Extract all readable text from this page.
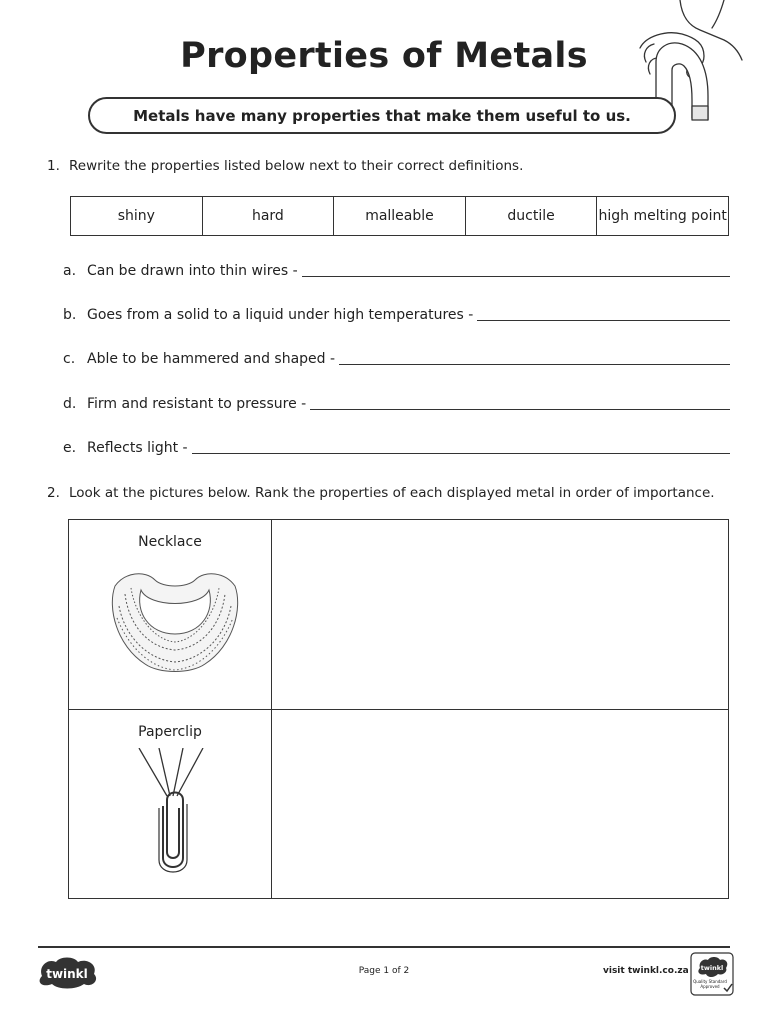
Properties of Metals
Metals have many properties that make them useful to us.
1. Rewrite the properties listed below next to their correct definitions.
shiny	hard	malleable	ductile	high melting point
a. Can be drawn into thin wires -
b. Goes from a solid to a liquid under high temperatures -
c. Able to be hammered and shaped -
d. Firm and resistant to pressure -
e. Reflects light -
2. Look at the pictures below. Rank the properties of each displayed metal in order of importance.
Necklace
Paperclip
twinkl	Page 1 of 2	visit twinkl.co.za twinkl
Quality Standard Approved
